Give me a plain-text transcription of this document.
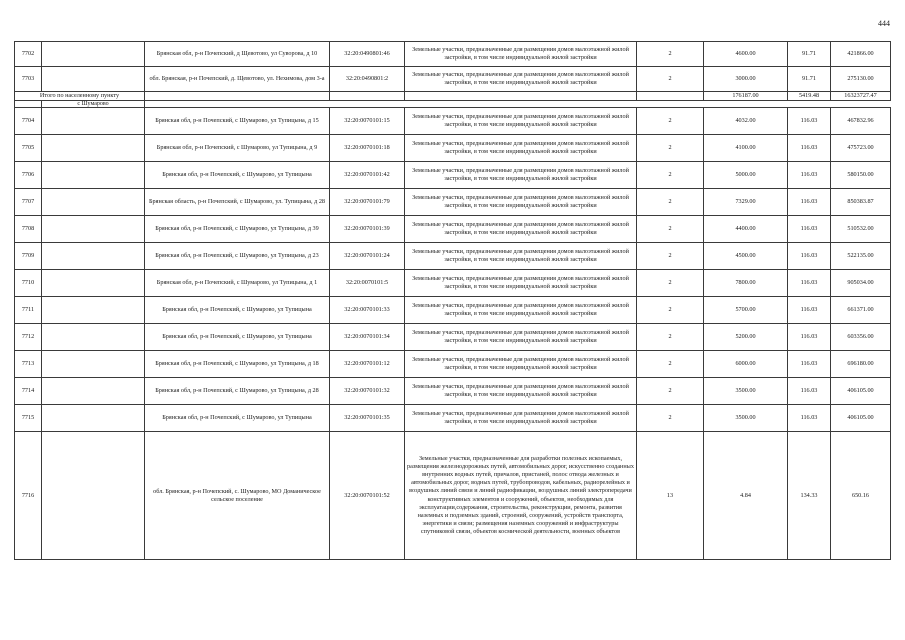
444
7702		Брянская обл, р-н Почепский, д Щевотово, ул Суворова, д 10	32:20:0490801:46	Земельные участки, предназначенные для размещения домов малоэтажной жилой застройки, в том числе индивидуальной жилой застройки	2	4600.00	91.71	421866.00
7703		обл. Брянская, р-н Почепский, д. Щевотово, ул. Нехимова, дом 3-а	32:20:0490801:2	Земельные участки, предназначенные для размещения домов малоэтажной жилой застройки, в том числе индивидуальной жилой застройки	2	3000.00	91.71	275130.00
Итого по населенному пункту						176187.00	5419.48	16323727.47
	с Шумарово							
7704		Брянская обл, р-н Почепский, с Шумарово, ул Тупицына, д 15	32:20:0070101:15	Земельные участки, предназначенные для размещения домов малоэтажной жилой застройки, в том числе индивидуальной жилой застройки	2	4032.00	116.03	467832.96
7705		Брянская обл, р-н Почепский, с Шумарово, ул Тупицына, д 9	32:20:0070101:18	Земельные участки, предназначенные для размещения домов малоэтажной жилой застройки, в том числе индивидуальной жилой застройки	2	4100.00	116.03	475723.00
7706		Брянская обл, р-н Почепский, с Шумарово, ул Тупицына	32:20:0070101:42	Земельные участки, предназначенные для размещения домов малоэтажной жилой застройки, в том числе индивидуальной жилой застройки	2	5000.00	116.03	580150.00
7707		Брянская область, р-н Почепский, с Шумарово, ул. Тупицына, д 28	32:20:0070101:79	Земельные участки, предназначенные для размещения домов малоэтажной жилой застройки, в том числе индивидуальной жилой застройки	2	7329.00	116.03	850383.87
7708		Брянская обл, р-н Почепский, с Шумарово, ул Тупицына, д 39	32:20:0070101:39	Земельные участки, предназначенные для размещения домов малоэтажной жилой застройки, в том числе индивидуальной жилой застройки	2	4400.00	116.03	510532.00
7709		Брянская обл, р-н Почепский, с Шумарово, ул Тупицына, д 23	32:20:0070101:24	Земельные участки, предназначенные для размещения домов малоэтажной жилой застройки, в том числе индивидуальной жилой застройки	2	4500.00	116.03	522135.00
7710		Брянская обл, р-н Почепский, с Шумарово, ул Тупицына, д 1	32:20:0070101:5	Земельные участки, предназначенные для размещения домов малоэтажной жилой застройки, в том числе индивидуальной жилой застройки	2	7800.00	116.03	905034.00
7711		Брянская обл, р-н Почепский, с Шумарово, ул Тупицына	32:20:0070101:33	Земельные участки, предназначенные для размещения домов малоэтажной жилой застройки, в том числе индивидуальной жилой застройки	2	5700.00	116.03	661371.00
7712		Брянская обл, р-н Почепский, с Шумарово, ул Тупицына	32:20:0070101:34	Земельные участки, предназначенные для размещения домов малоэтажной жилой застройки, в том числе индивидуальной жилой застройки	2	5200.00	116.03	603356.00
7713		Брянская обл, р-н Почепский, с Шумарово, ул Тупицына, д 18	32:20:0070101:12	Земельные участки, предназначенные для размещения домов малоэтажной жилой застройки, в том числе индивидуальной жилой застройки	2	6000.00	116.03	696180.00
7714		Брянская обл, р-н Почепский, с Шумарово, ул Тупицына, д 28	32:20:0070101:32	Земельные участки, предназначенные для размещения домов малоэтажной жилой застройки, в том числе индивидуальной жилой застройки	2	3500.00	116.03	406105.00
7715		Брянская обл, р-н Почепский, с Шумарово, ул Тупицына	32:20:0070101:35	Земельные участки, предназначенные для размещения домов малоэтажной жилой застройки, в том числе индивидуальной жилой застройки	2	3500.00	116.03	406105.00
7716		обл. Брянская, р-н Почепский, с. Шумарово, МО Доманическое сельское поселение	32:20:0070101:52	Земельные участки, предназначенные для разработки полезных ископаемых, размещения железнодорожных путей, автомобильных дорог, искусственно созданных внутренних водных путей, причалов, пристаней, полос отвода железных и автомобильных дорог, водных путей, трубопроводов, кабельных, радиорелейных и воздушных линий связи и линий радиофикации, воздушных линий электропередачи конструктивных элементов и сооружений, объектов, необходимых для эксплуатации,содержания, строительства, реконструкции, ремонта, развития наземных и подземных зданий, строений, сооружений, устройств транспорта, энергетики и связи; размещения наземных сооружений и инфраструктуры спутниковой связи, объектов космической деятельности, военных объектов	13	4.84	134.33	650.16
